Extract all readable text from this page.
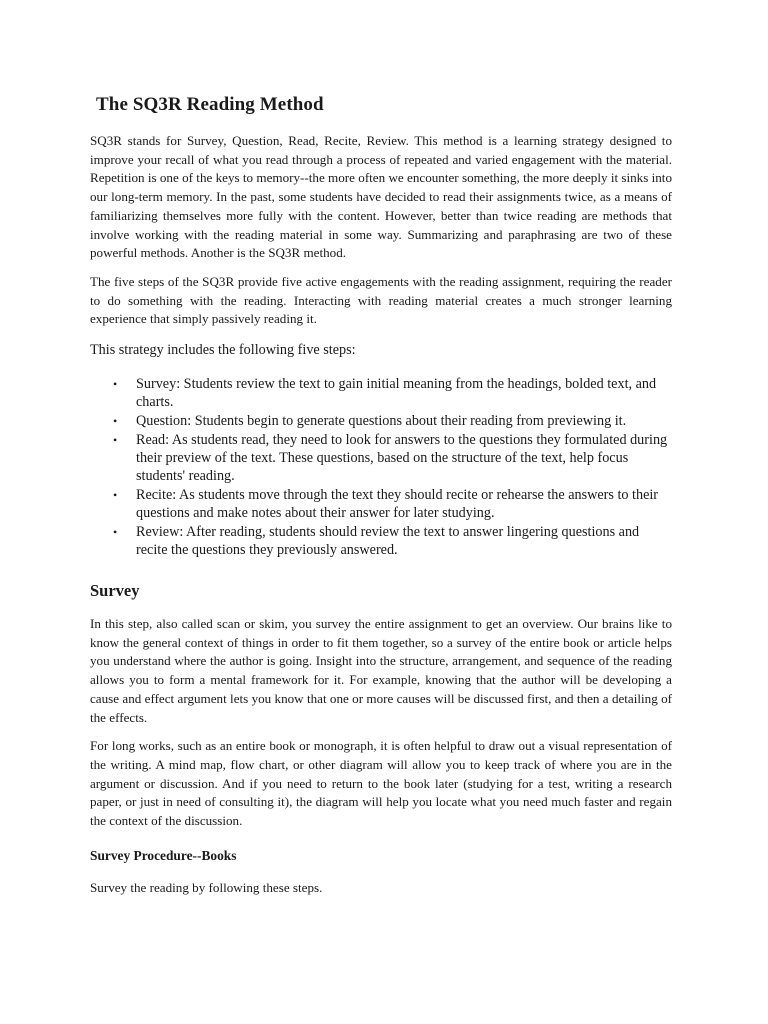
The SQ3R Reading Method

SQ3R stands for Survey, Question, Read, Recite, Review. This method is a learning strategy designed to improve your recall of what you read through a process of repeated and varied engagement with the material. Repetition is one of the keys to memory--the more often we encounter something, the more deeply it sinks into our long-term memory. In the past, some students have decided to read their assignments twice, as a means of familiarizing themselves more fully with the content. However, better than twice reading are methods that involve working with the reading material in some way. Summarizing and paraphrasing are two of these powerful methods. Another is the SQ3R method.

The five steps of the SQ3R provide five active engagements with the reading assignment, requiring the reader to do something with the reading. Interacting with reading material creates a much stronger learning experience that simply passively reading it.

This strategy includes the following five steps:

• Survey: Students review the text to gain initial meaning from the headings, bolded text, and charts.
• Question: Students begin to generate questions about their reading from previewing it.
• Read: As students read, they need to look for answers to the questions they formulated during their preview of the text. These questions, based on the structure of the text, help focus students' reading.
• Recite: As students move through the text they should recite or rehearse the answers to their questions and make notes about their answer for later studying.
• Review: After reading, students should review the text to answer lingering questions and recite the questions they previously answered.
Survey

In this step, also called scan or skim, you survey the entire assignment to get an overview. Our brains like to know the general context of things in order to fit them together, so a survey of the entire book or article helps you understand where the author is going. Insight into the structure, arrangement, and sequence of the reading allows you to form a mental framework for it. For example, knowing that the author will be developing a cause and effect argument lets you know that one or more causes will be discussed first, and then a detailing of the effects.

For long works, such as an entire book or monograph, it is often helpful to draw out a visual representation of the writing. A mind map, flow chart, or other diagram will allow you to keep track of where you are in the argument or discussion. And if you need to return to the book later (studying for a test, writing a research paper, or just in need of consulting it), the diagram will help you locate what you need much faster and regain the context of the discussion.

Survey Procedure--Books

Survey the reading by following these steps.
